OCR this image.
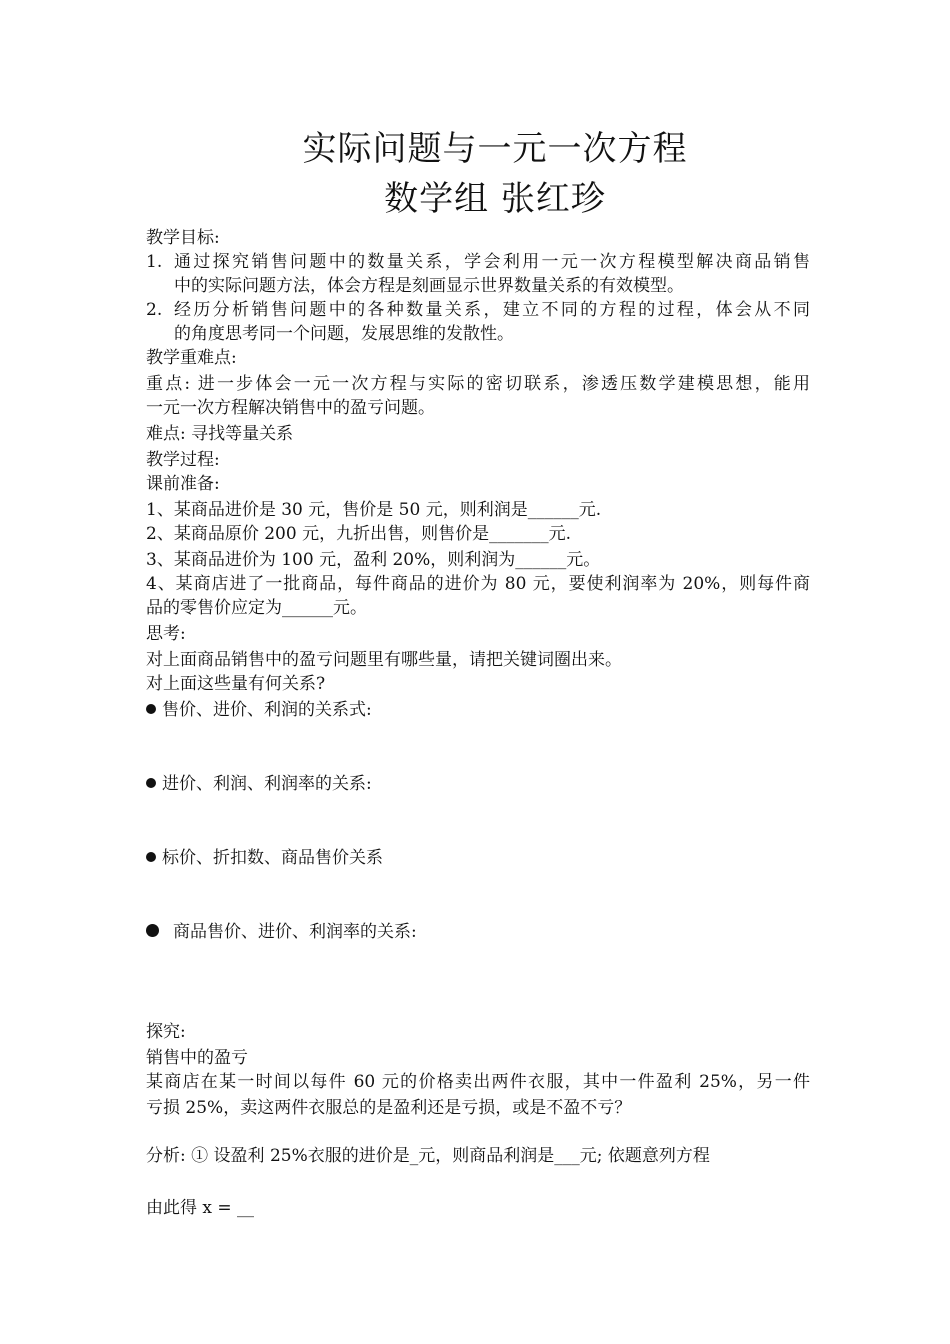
实际问题与一元一次方程
数学组 张红珍
教学目标:
1. 通过探究销售问题中的数量关系，学会利用一元一次方程模型解决商品销售
中的实际问题方法，体会方程是刻画显示世界数量关系的有效模型。
2. 经历分析销售问题中的各种数量关系，建立不同的方程的过程，体会从不同
的角度思考同一个问题，发展思维的发散性。
教学重难点:
重点: 进一步体会一元一次方程与实际的密切联系，渗透压数学建模思想，能用
一元一次方程解决销售中的盈亏问题。
难点: 寻找等量关系
教学过程:
课前准备:
1、某商品进价是 30 元，售价是 50 元，则利润是______元.
2、某商品原价 200 元，九折出售，则售价是_______元.
3、某商品进价为 100 元，盈利 20%，则利润为______元。
4、某商店进了一批商品，每件商品的进价为 80 元，要使利润率为 20%，则每件商
品的零售价应定为______元。
思考:
对上面商品销售中的盈亏问题里有哪些量，请把关键词圈出来。
对上面这些量有何关系?
售价、进价、利润的关系式:
进价、利润、利润率的关系:
标价、折扣数、商品售价关系
商品售价、进价、利润率的关系:
探究:
销售中的盈亏
某商店在某一时间以每件 60 元的价格卖出两件衣服，其中一件盈利 25%，另一件
亏损 25%，卖这两件衣服总的是盈利还是亏损，或是不盈不亏？
分析: ① 设盈利 25%衣服的进价是_元，则商品利润是___元; 依题意列方程
由此得 x = __
